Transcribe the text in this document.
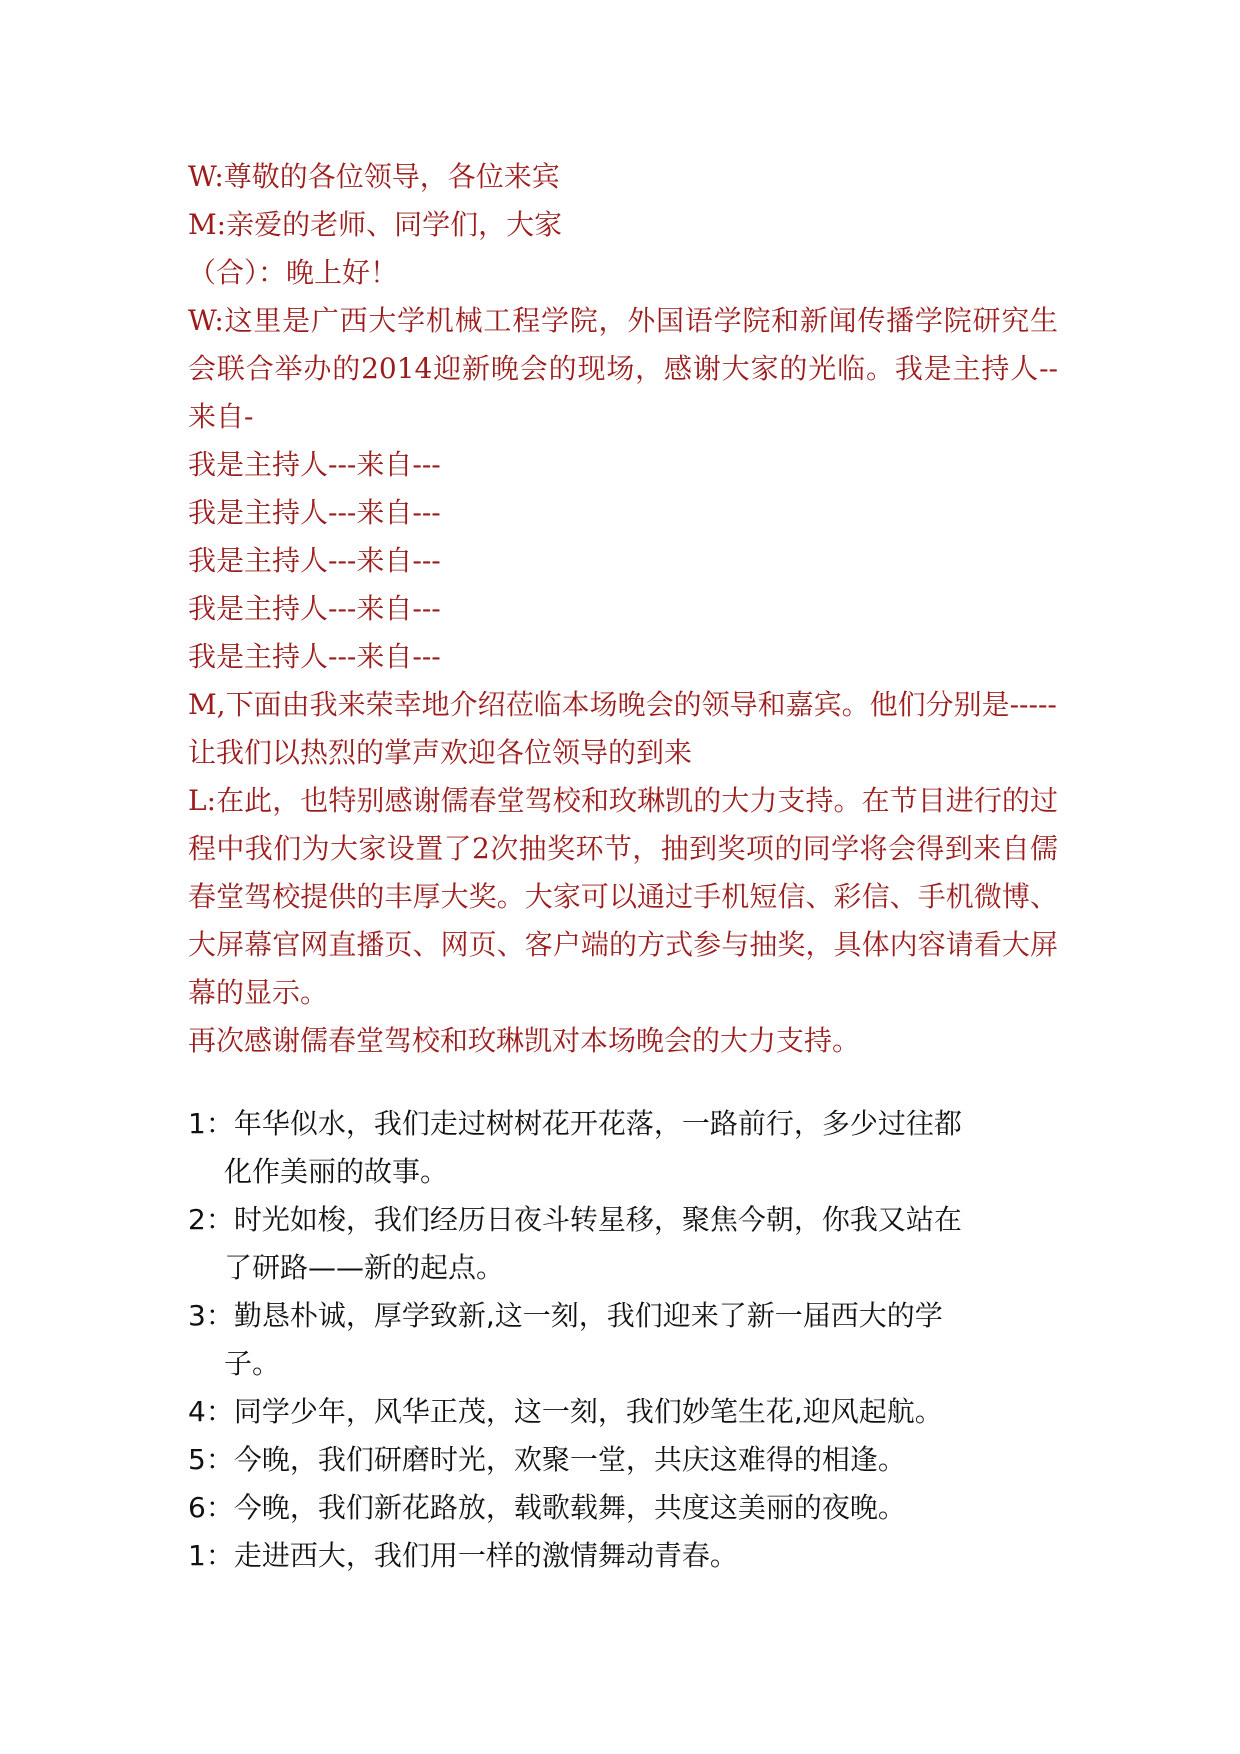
W:尊敬的各位领导，各位来宾

M:亲爱的老师、同学们，大家

（合）：晚上好！

W:这里是广西大学机械工程学院，外国语学院和新闻传播学院研究生会联合举办的2014迎新晚会的现场，感谢大家的光临。我是主持人--来自-

我是主持人---来自---

我是主持人---来自---

我是主持人---来自---

我是主持人---来自---

我是主持人---来自---

M,下面由我来荣幸地介绍莅临本场晚会的领导和嘉宾。他们分别是-----

让我们以热烈的掌声欢迎各位领导的到来

L:在此，也特别感谢儒春堂驾校和玫琳凯的大力支持。在节目进行的过程中我们为大家设置了2次抽奖环节，抽到奖项的同学将会得到来自儒春堂驾校提供的丰厚大奖。大家可以通过手机短信、彩信、手机微博、大屏幕官网直播页、网页、客户端的方式参与抽奖，具体内容请看大屏幕的显示。

再次感谢儒春堂驾校和玫琳凯对本场晚会的大力支持。

1：年华似水，我们走过树树花开花落，一路前行，多少过往都
化作美丽的故事。
2：时光如梭，我们经历日夜斗转星移，聚焦今朝，你我又站在
了研路——新的起点。
3：勤恳朴诚，厚学致新,这一刻，我们迎来了新一届西大的学
子。
4：同学少年，风华正茂，这一刻，我们妙笔生花,迎风起航。
5：今晚，我们研磨时光，欢聚一堂，共庆这难得的相逢。
6：今晚，我们新花路放，载歌载舞，共度这美丽的夜晚。
1：走进西大，我们用一样的激情舞动青春。
